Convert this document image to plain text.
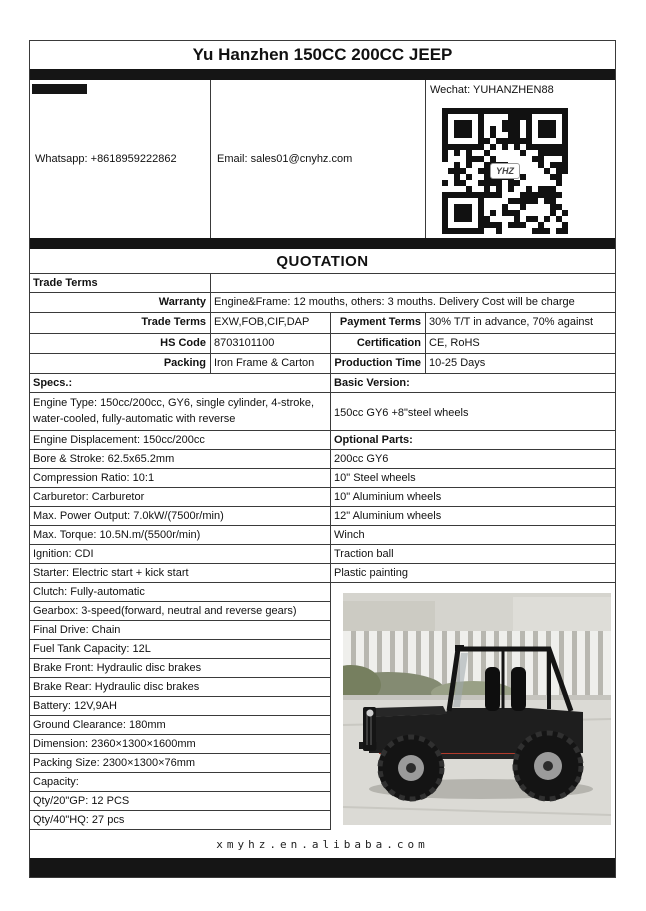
Yu Hanzhen 150CC 200CC JEEP
Whatsapp: +8618959222862	Email: sales01@cnyhz.com
Wechat: YUHANZHEN88
YHZ
QUOTATION
Trade Terms
Warranty Engine&Frame: 12 mouths, others: 3 mouths. Delivery Cost will be charge
Trade Terms EXW,FOB,CIF,DAP	Payment Terms 30% T/T in advance, 70% against
HS Code 8703101100	Certification CE, RoHS
Packing Iron Frame & Carton	Production Time 10-25 Days
Specs.:
Engine Type: 150cc/200cc, GY6, single cylinder, 4-stroke, water-cooled, fully-automatic with reverse
Engine Displacement: 150cc/200cc
Bore & Stroke: 62.5x65.2mm
Compression Ratio: 10:1
Carburetor: Carburetor
Max. Power Output: 7.0kW/(7500r/min)
Max. Torque: 10.5N.m/(5500r/min)
Ignition: CDI
Starter: Electric start + kick start
Clutch: Fully-automatic
Gearbox: 3-speed(forward, neutral and reverse gears)
Final Drive: Chain
Fuel Tank Capacity: 12L
Brake Front: Hydraulic disc brakes
Brake Rear: Hydraulic disc brakes
Battery: 12V,9AH
Ground Clearance: 180mm
Dimension: 2360×1300×1600mm
Packing Size: 2300×1300×76mm
Capacity:
Qty/20"GP: 12 PCS
Qty/40"HQ: 27 pcs
Basic Version:
150cc GY6 +8"steel wheels
Optional Parts:
200cc GY6
10" Steel wheels
10" Aluminium wheels
12" Aluminium wheels
Winch
Traction ball
Plastic painting
xmyhz.en.alibaba.com
